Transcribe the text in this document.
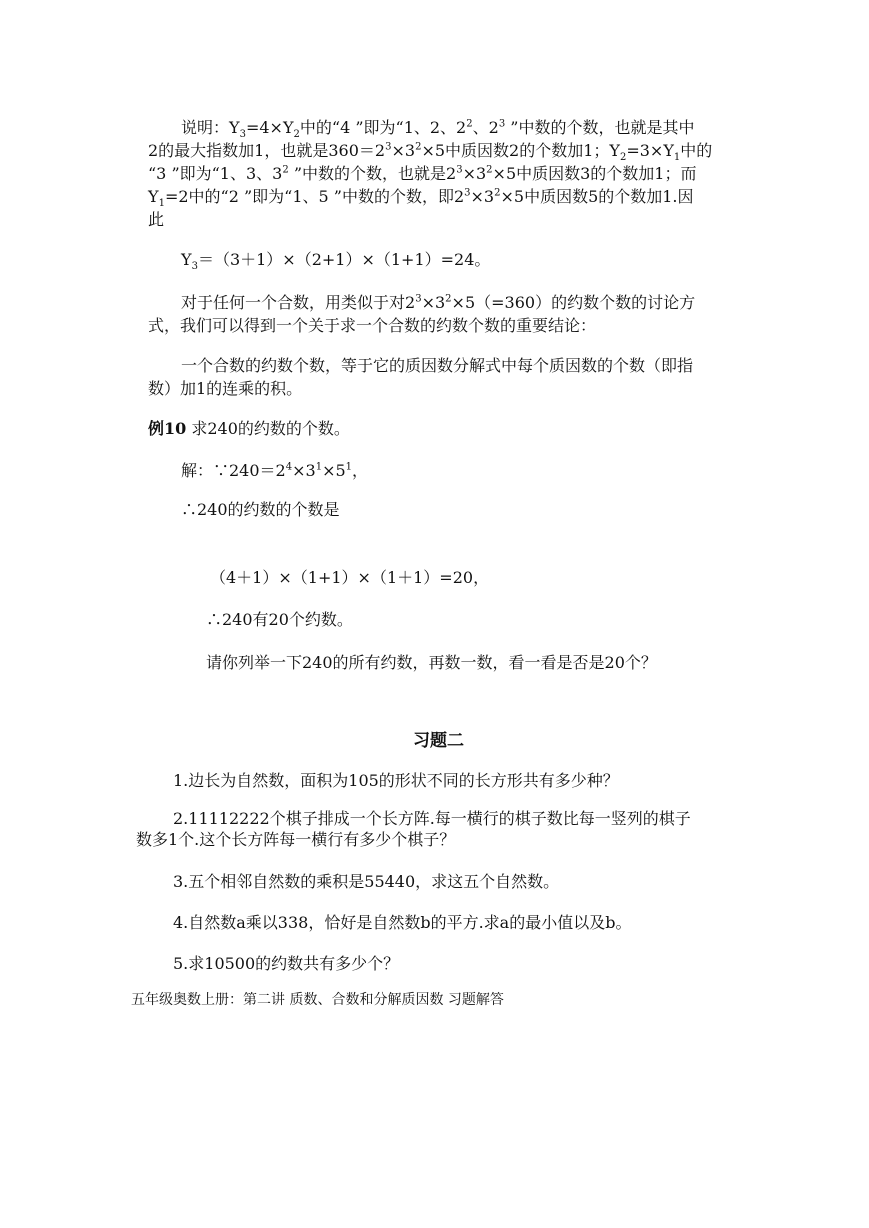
说明：$Y_3=4\times Y_2$中的“4 ”即为“1、2、$2^2$、$2^3$ ”中数的个数，也就是其中
2的最大指数加1，也就是$360=2^3\times 3^2\times 5$中质因数2的个数加1；$Y_2=3\times Y_1$中的
“3 ”即为“1、3、$3^2$ ”中数的个数，也就是$2^3\times 3^2\times 5$中质因数3的个数加1；而
$Y_1=2$中的“2 ”即为“1、5 ”中数的个数，即$2^3\times 3^2\times 5$中质因数5的个数加1.因
此
$Y_3=(3+1)\times(2+1)\times(1+1)=24$。
对于任何一个合数，用类似于对$2^3\times 3^2\times 5(=360)$的约数个数的讨论方
式，我们可以得到一个关于求一个合数的约数个数的重要结论：
一个合数的约数个数，等于它的质因数分解式中每个质因数的个数（即指
数）加1的连乘的积。
例10 求240的约数的个数。
解：$\because 240=2^4\times 3^1\times 5^1$，
∴240的约数的个数是
（4＋1）×（1+1）×（1＋1）=20，
∴240有20个约数。
请你列举一下240的所有约数，再数一数，看一看是否是20个？
习题二
1.边长为自然数，面积为105的形状不同的长方形共有多少种？
2.11112222个棋子排成一个长方阵.每一横行的棋子数比每一竖列的棋子
数多1个.这个长方阵每一横行有多少个棋子？
3.五个相邻自然数的乘积是55440，求这五个自然数。
4.自然数a乘以338，恰好是自然数b的平方.求a的最小值以及b。
5.求10500的约数共有多少个？
五年级奥数上册：第二讲 质数、合数和分解质因数 习题解答
